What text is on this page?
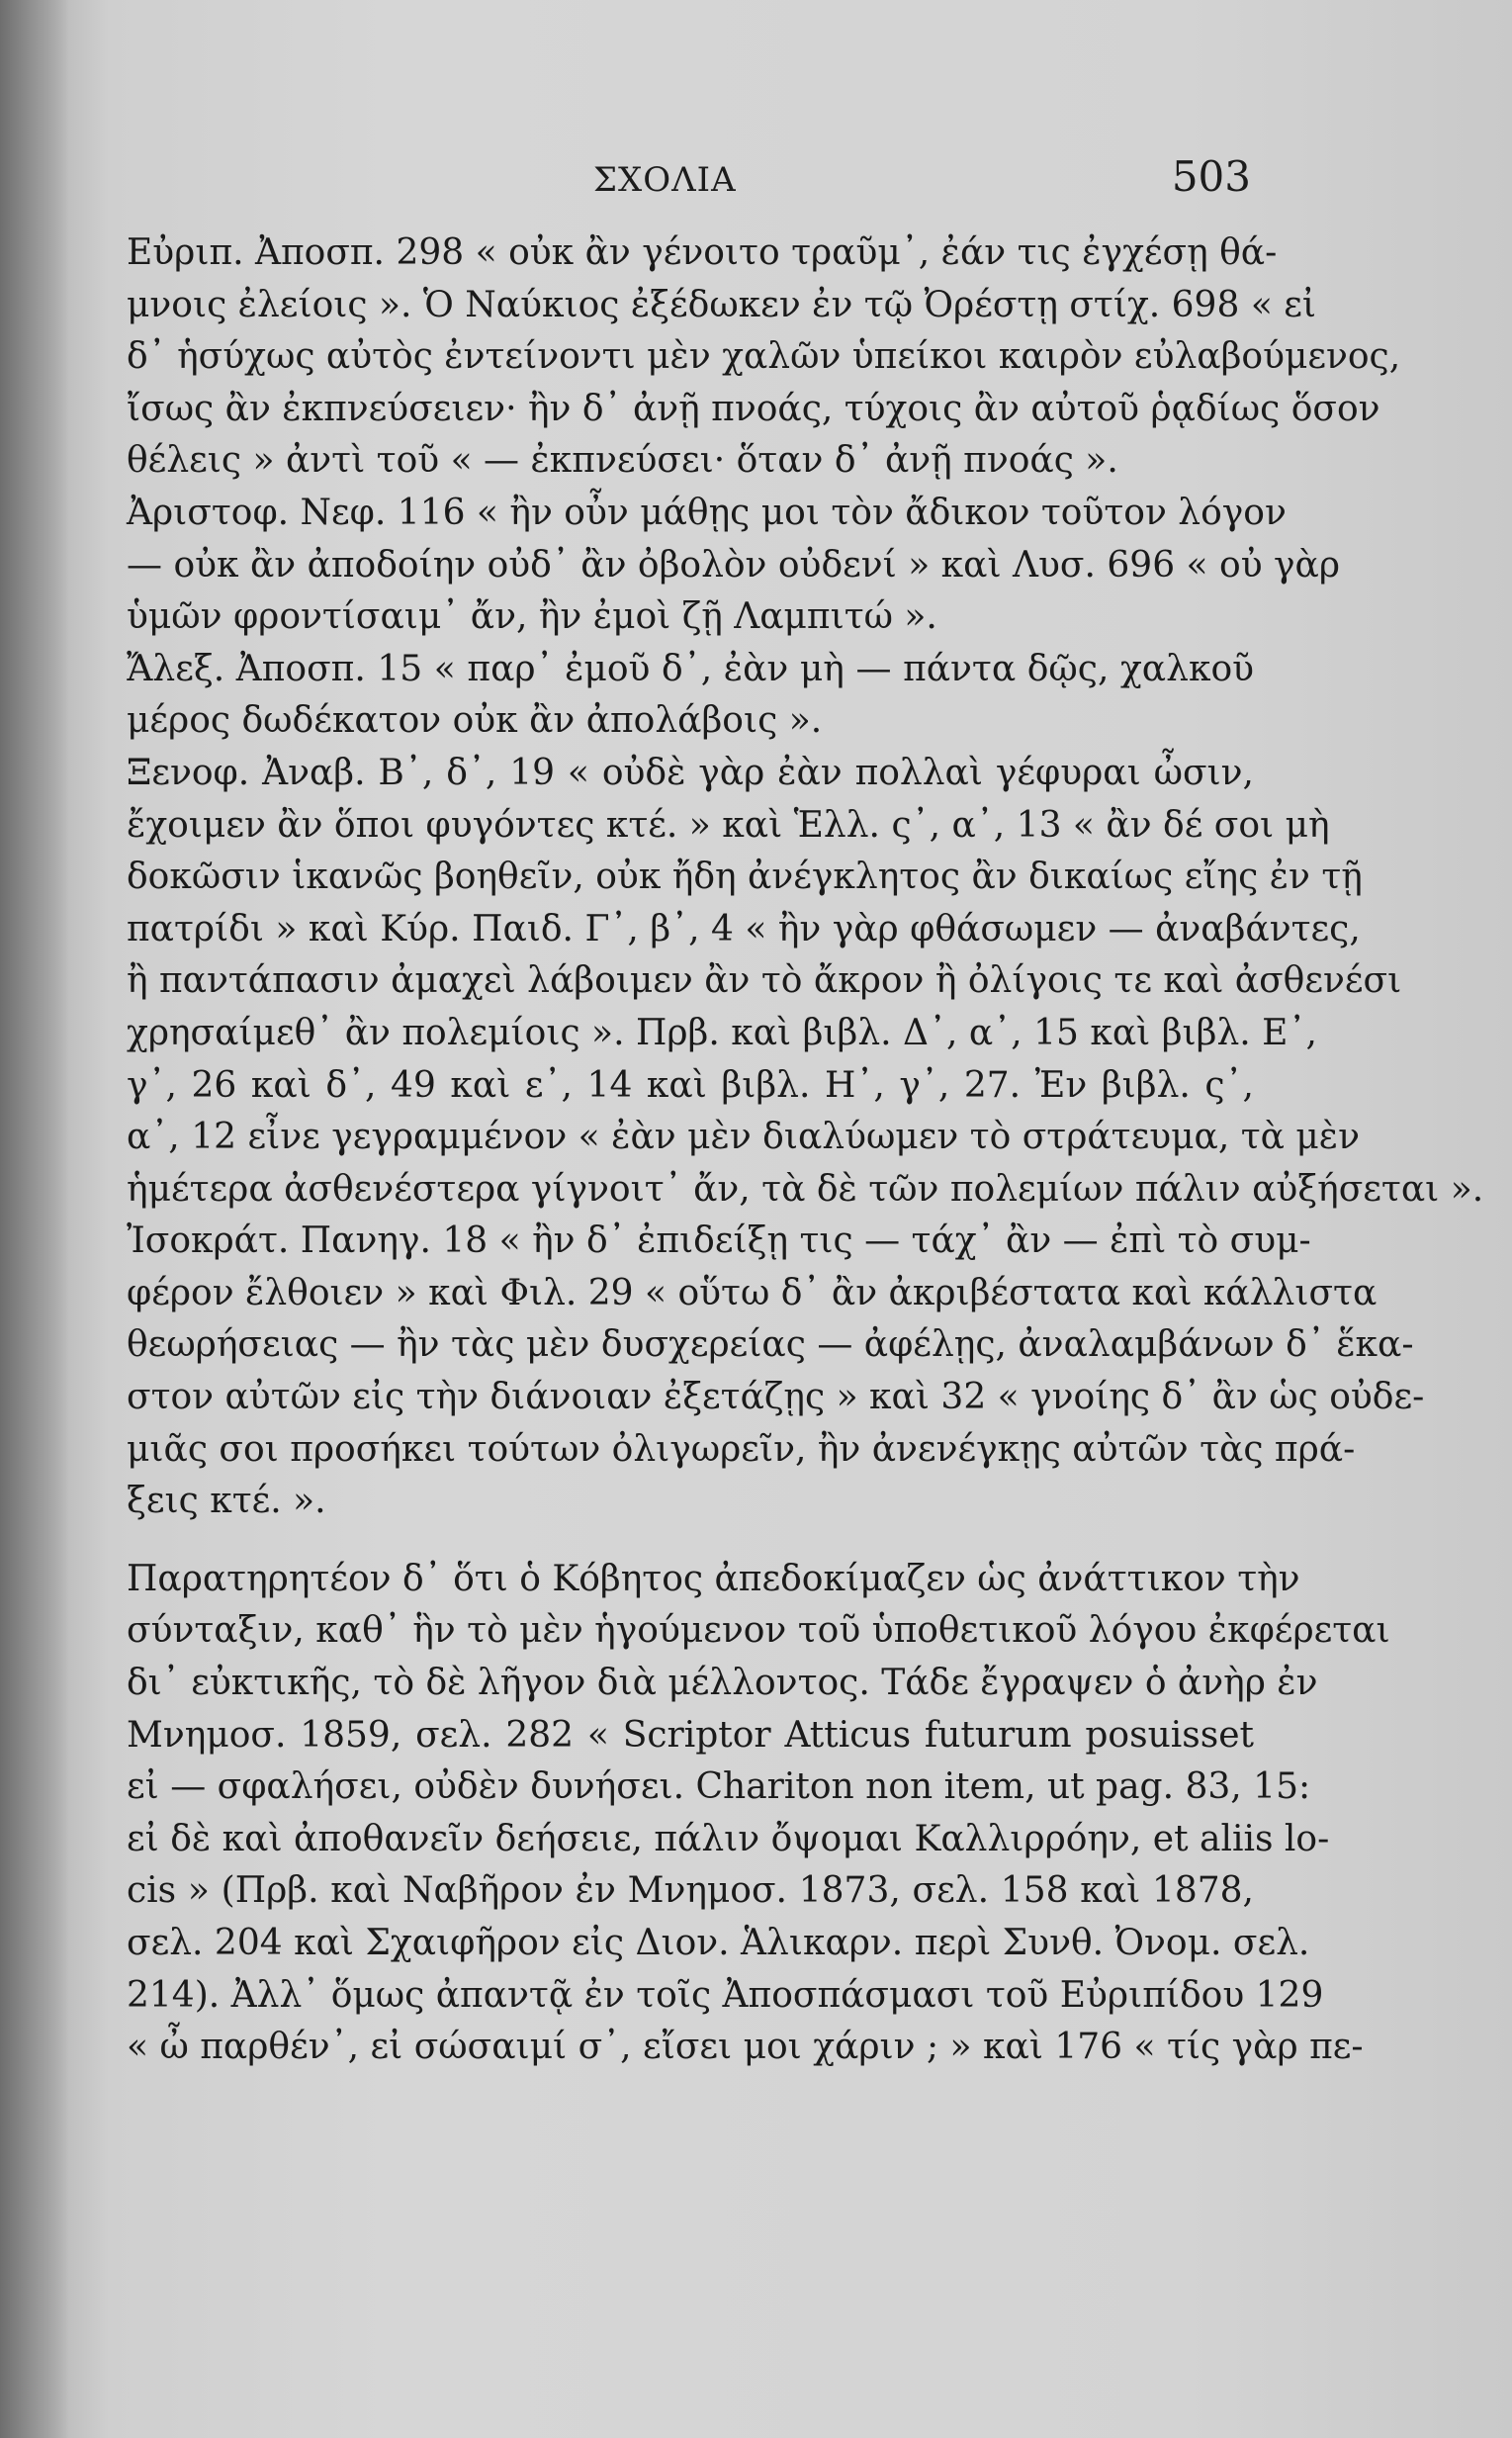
ΣΧΟΛΙΑ	503
Εὐριπ. Ἀποσπ. 298 « οὐκ ἂν γένοιτο τραῦμ᾽, ἐάν τις ἐγχέσῃ θά-
μνοις ἐλείοις ». Ὁ Ναύκιος ἐξέδωκεν ἐν τῷ Ὀρέστῃ στίχ. 698 « εἰ
δ᾽ ἡσύχως αὐτὸς ἐντείνοντι μὲν χαλῶν ὑπείκοι καιρὸν εὐλαβούμενος,
ἴσως ἂν ἐκπνεύσειεν· ἢν δ᾽ ἀνῇ πνοάς, τύχοις ἂν αὐτοῦ ῥᾳδίως ὅσον
θέλεις » ἀντὶ τοῦ « — ἐκπνεύσει· ὅταν δ᾽ ἀνῇ πνοάς ».
Ἀριστοφ. Νεφ. 116 « ἢν οὖν μάθῃς μοι τὸν ἄδικον τοῦτον λόγον
— οὐκ ἂν ἀποδοίην οὐδ᾽ ἂν ὀβολὸν οὐδενί » καὶ Λυσ. 696 « οὐ γὰρ
ὑμῶν φροντίσαιμ᾽ ἄν, ἢν ἐμοὶ ζῇ Λαμπιτώ ».
Ἄλεξ. Ἀποσπ. 15 « παρ᾽ ἐμοῦ δ᾽, ἐὰν μὴ — πάντα δῷς, χαλκοῦ
μέρος δωδέκατον οὐκ ἂν ἀπολάβοις ».
Ξενοφ. Ἀναβ. Β᾽, δ᾽, 19 « οὐδὲ γὰρ ἐὰν πολλαὶ γέφυραι ὦσιν,
ἔχοιμεν ἂν ὅποι φυγόντες κτέ. » καὶ Ἑλλ. ς᾽, α᾽, 13 « ἂν δέ σοι μὴ
δοκῶσιν ἱκανῶς βοηθεῖν, οὐκ ἤδη ἀνέγκλητος ἂν δικαίως εἴης ἐν τῇ
πατρίδι » καὶ Κύρ. Παιδ. Γ᾽, β᾽, 4 « ἢν γὰρ φθάσωμεν — ἀναβάντες,
ἢ παντάπασιν ἀμαχεὶ λάβοιμεν ἂν τὸ ἄκρον ἢ ὀλίγοις τε καὶ ἀσθενέσι
χρησαίμεθ᾽ ἂν πολεμίοις ». Πρβ. καὶ βιβλ. Δ᾽, α᾽, 15 καὶ βιβλ. Ε᾽,
γ᾽, 26 καὶ δ᾽, 49 καὶ ε᾽, 14 καὶ βιβλ. Η᾽, γ᾽, 27. Ἐν βιβλ. ς᾽,
α᾽, 12 εἶνε γεγραμμένον « ἐὰν μὲν διαλύωμεν τὸ στράτευμα, τὰ μὲν
ἡμέτερα ἀσθενέστερα γίγνοιτ᾽ ἄν, τὰ δὲ τῶν πολεμίων πάλιν αὐξήσεται ».
Ἰσοκράτ. Πανηγ. 18 « ἢν δ᾽ ἐπιδείξῃ τις — τάχ᾽ ἂν — ἐπὶ τὸ συμ-
φέρον ἔλθοιεν » καὶ Φιλ. 29 « οὕτω δ᾽ ἂν ἀκριβέστατα καὶ κάλλιστα
θεωρήσειας — ἢν τὰς μὲν δυσχερείας — ἀφέλῃς, ἀναλαμβάνων δ᾽ ἕκα-
στον αὐτῶν εἰς τὴν διάνοιαν ἐξετάζῃς » καὶ 32 « γνοίης δ᾽ ἂν ὡς οὐδε-
μιᾶς σοι προσήκει τούτων ὀλιγωρεῖν, ἢν ἀνενέγκῃς αὐτῶν τὰς πρά-
ξεις κτέ. ».
Παρατηρητέον δ᾽ ὅτι ὁ Κόβητος ἀπεδοκίμαζεν ὡς ἀνάττικον τὴν
σύνταξιν, καθ᾽ ἣν τὸ μὲν ἡγούμενον τοῦ ὑποθετικοῦ λόγου ἐκφέρεται
δι᾽ εὐκτικῆς, τὸ δὲ λῆγον διὰ μέλλοντος. Τάδε ἔγραψεν ὁ ἀνὴρ ἐν
Μνημοσ. 1859, σελ. 282 « Scriptor Atticus futurum posuisset
εἰ — σφαλήσει, οὐδὲν δυνήσει. Chariton non item, ut pag. 83, 15:
εἰ δὲ καὶ ἀποθανεῖν δεήσειε, πάλιν ὄψομαι Καλλιρρόην, et aliis lo-
cis » (Πρβ. καὶ Ναβῆρον ἐν Μνημοσ. 1873, σελ. 158 καὶ 1878,
σελ. 204 καὶ Σχαιφῆρον εἰς Διον. Ἁλικαρν. περὶ Συνθ. Ὀνομ. σελ.
214). Ἀλλ᾽ ὅμως ἀπαντᾷ ἐν τοῖς Ἀποσπάσμασι τοῦ Εὐριπίδου 129
« ὦ παρθέν᾽, εἰ σώσαιμί σ᾽, εἴσει μοι χάριν ; » καὶ 176 « τίς γὰρ πε-
